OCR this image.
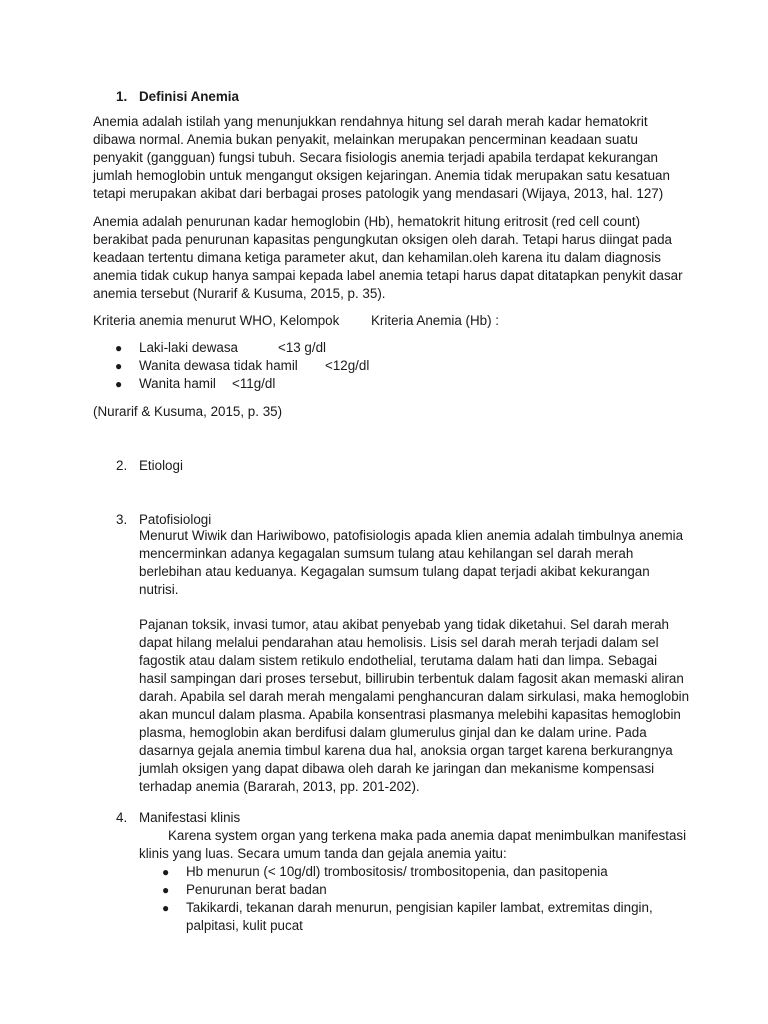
1. Definisi Anemia
Anemia adalah istilah yang menunjukkan rendahnya hitung sel darah merah kadar hematokrit
dibawa normal. Anemia bukan penyakit, melainkan merupakan pencerminan keadaan suatu
penyakit (gangguan) fungsi tubuh. Secara fisiologis anemia terjadi apabila terdapat kekurangan
jumlah hemoglobin untuk mengangut oksigen kejaringan. Anemia tidak merupakan satu kesatuan
tetapi merupakan akibat dari berbagai proses patologik yang mendasari (Wijaya, 2013, hal. 127)
Anemia adalah penurunan kadar hemoglobin (Hb), hematokrit hitung eritrosit (red cell count)
berakibat pada penurunan kapasitas pengungkutan oksigen oleh darah. Tetapi harus diingat pada
keadaan tertentu dimana ketiga parameter akut, dan kehamilan.oleh karena itu dalam diagnosis
anemia tidak cukup hanya sampai kepada label anemia tetapi harus dapat ditatapkan penykit dasar
anemia tersebut (Nurarif & Kusuma, 2015, p. 35).
Kriteria anemia menurut WHO, Kelompok Kriteria Anemia (Hb) :
● Laki-laki dewasa	<13 g/dl
● Wanita dewasa tidak hamil <12g/dl
● Wanita hamil <11g/dl
(Nurarif & Kusuma, 2015, p. 35)
2. Etiologi
3. Patofisiologi
Menurut Wiwik dan Hariwibowo, patofisiologis apada klien anemia adalah timbulnya anemia
mencerminkan adanya kegagalan sumsum tulang atau kehilangan sel darah merah
berlebihan atau keduanya. Kegagalan sumsum tulang dapat terjadi akibat kekurangan
nutrisi.
Pajanan toksik, invasi tumor, atau akibat penyebab yang tidak diketahui. Sel darah merah
dapat hilang melalui pendarahan atau hemolisis. Lisis sel darah merah terjadi dalam sel
fagostik atau dalam sistem retikulo endothelial, terutama dalam hati dan limpa. Sebagai
hasil sampingan dari proses tersebut, billirubin terbentuk dalam fagosit akan memaski aliran
darah. Apabila sel darah merah mengalami penghancuran dalam sirkulasi, maka hemoglobin
akan muncul dalam plasma. Apabila konsentrasi plasmanya melebihi kapasitas hemoglobin
plasma, hemoglobin akan berdifusi dalam glumerulus ginjal dan ke dalam urine. Pada
dasarnya gejala anemia timbul karena dua hal, anoksia organ target karena berkurangnya
jumlah oksigen yang dapat dibawa oleh darah ke jaringan dan mekanisme kompensasi
terhadap anemia (Bararah, 2013, pp. 201-202).
4. Manifestasi klinis
Karena system organ yang terkena maka pada anemia dapat menimbulkan manifestasi
klinis yang luas. Secara umum tanda dan gejala anemia yaitu:
● Hb menurun (< 10g/dl) trombositosis/ trombositopenia, dan pasitopenia
● Penurunan berat badan
● Takikardi, tekanan darah menurun, pengisian kapiler lambat, extremitas dingin,
palpitasi, kulit pucat
